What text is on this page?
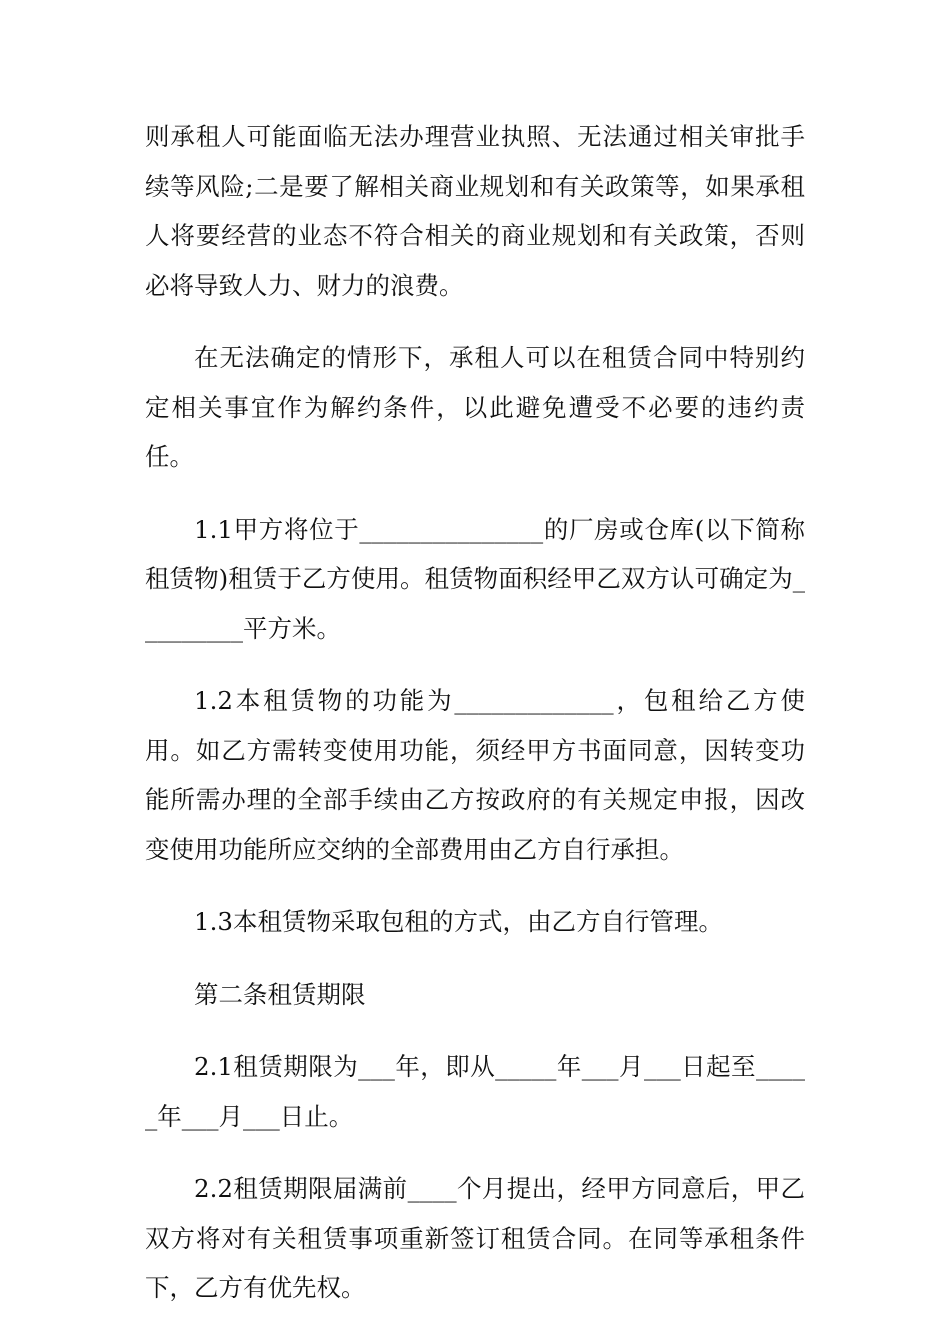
则承租人可能面临无法办理营业执照、无法通过相关审批手续等风险;二是要了解相关商业规划和有关政策等，如果承租人将要经营的业态不符合相关的商业规划和有关政策，否则必将导致人力、财力的浪费。

在无法确定的情形下，承租人可以在租赁合同中特别约定相关事宜作为解约条件，以此避免遭受不必要的违约责任。

1.1甲方将位于_______________的厂房或仓库(以下简称租赁物)租赁于乙方使用。租赁物面积经甲乙双方认可确定为_________平方米。

1.2本租赁物的功能为_____________，包租给乙方使用。如乙方需转变使用功能，须经甲方书面同意，因转变功能所需办理的全部手续由乙方按政府的有关规定申报，因改变使用功能所应交纳的全部费用由乙方自行承担。

1.3本租赁物采取包租的方式，由乙方自行管理。

第二条租赁期限

2.1租赁期限为___年，即从_____年___月___日起至_____年___月___日止。

2.2租赁期限届满前____个月提出，经甲方同意后，甲乙双方将对有关租赁事项重新签订租赁合同。在同等承租条件下，乙方有优先权。
